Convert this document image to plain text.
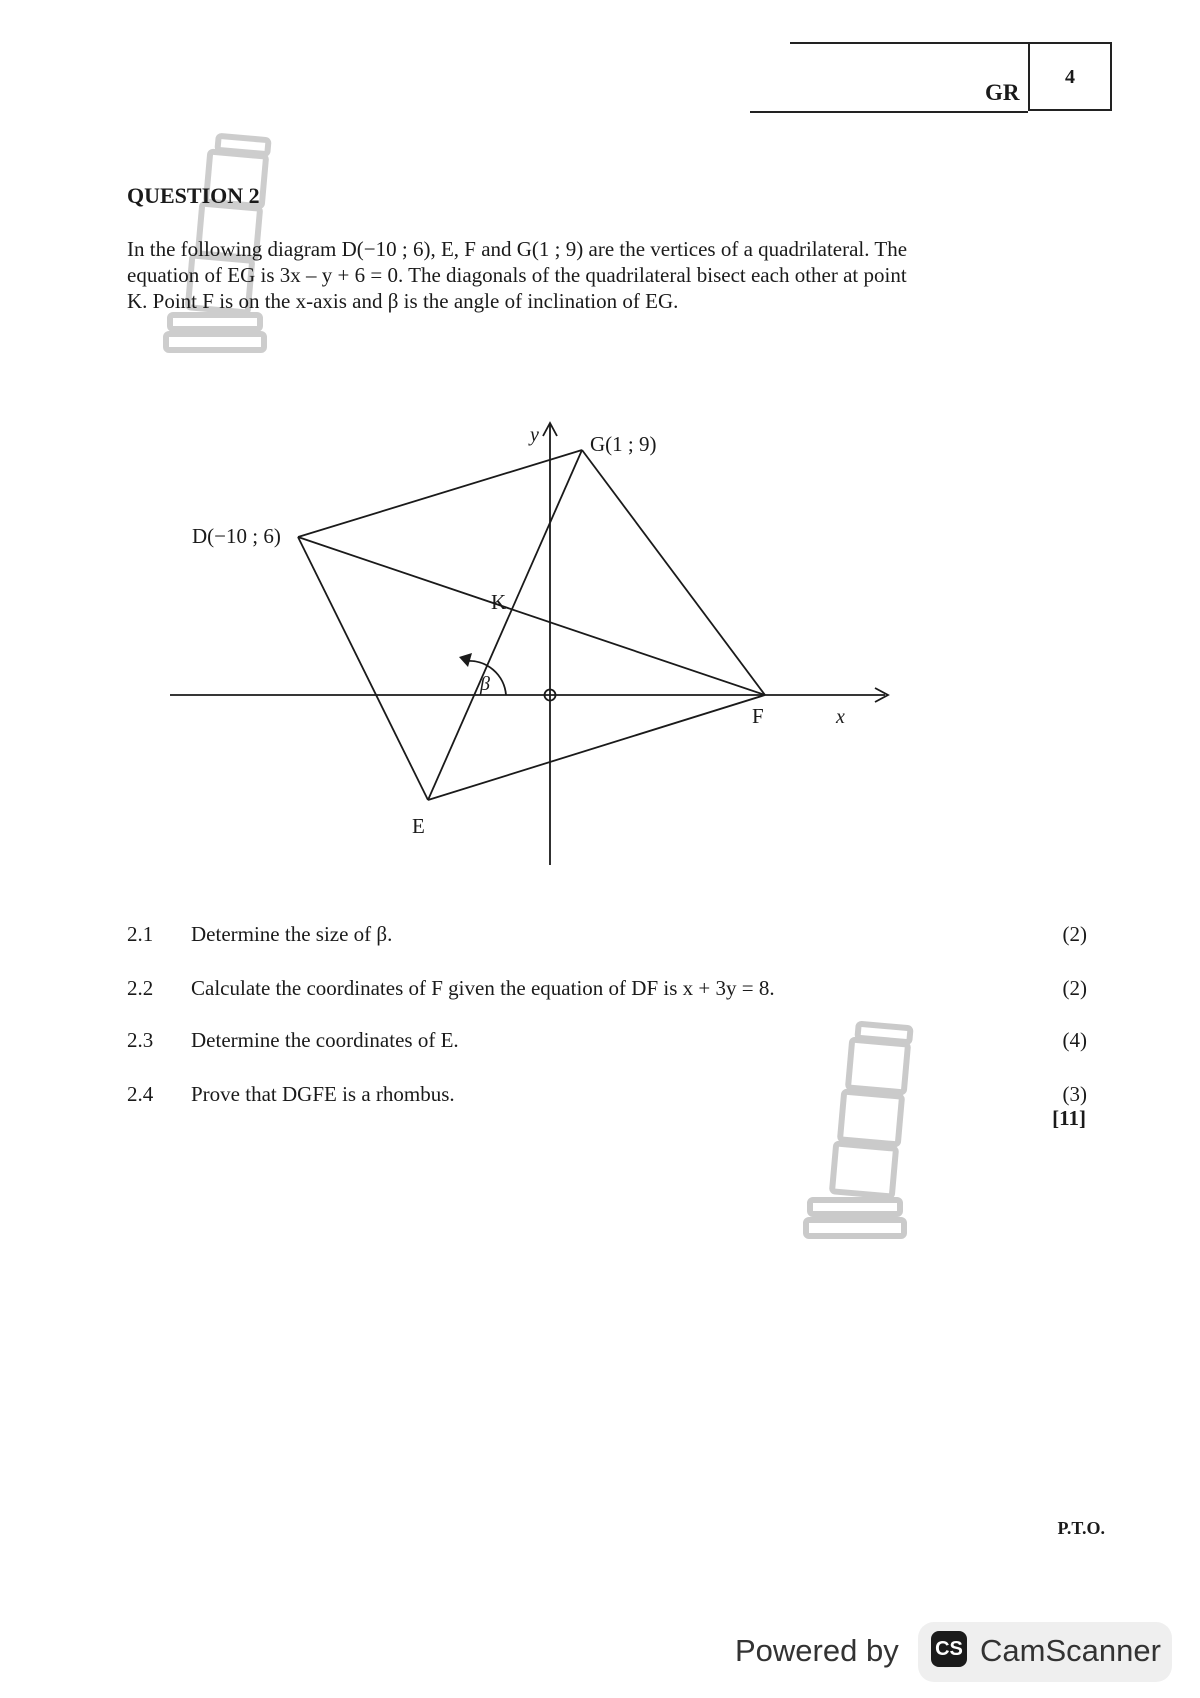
GR
4
QUESTION 2
In the following diagram D(−10 ; 6), E, F and G(1 ; 9) are the vertices of a quadrilateral. The
equation of EG is 3x – y + 6 = 0. The diagonals of the quadrilateral bisect each other at point
K. Point F is on the x-axis and β is the angle of inclination of EG.
y
x
G(1 ; 9)
D(−10 ; 6)
K
β
F
E
2.1 Determine the size of β.	(2)
2.2 Calculate the coordinates of F given the equation of DF is x + 3y = 8.	(2)
2.3 Determine the coordinates of E.	(4)
2.4 Prove that DGFE is a rhombus.	(3)
[11]
P.T.O.
Powered by CS CamScanner
